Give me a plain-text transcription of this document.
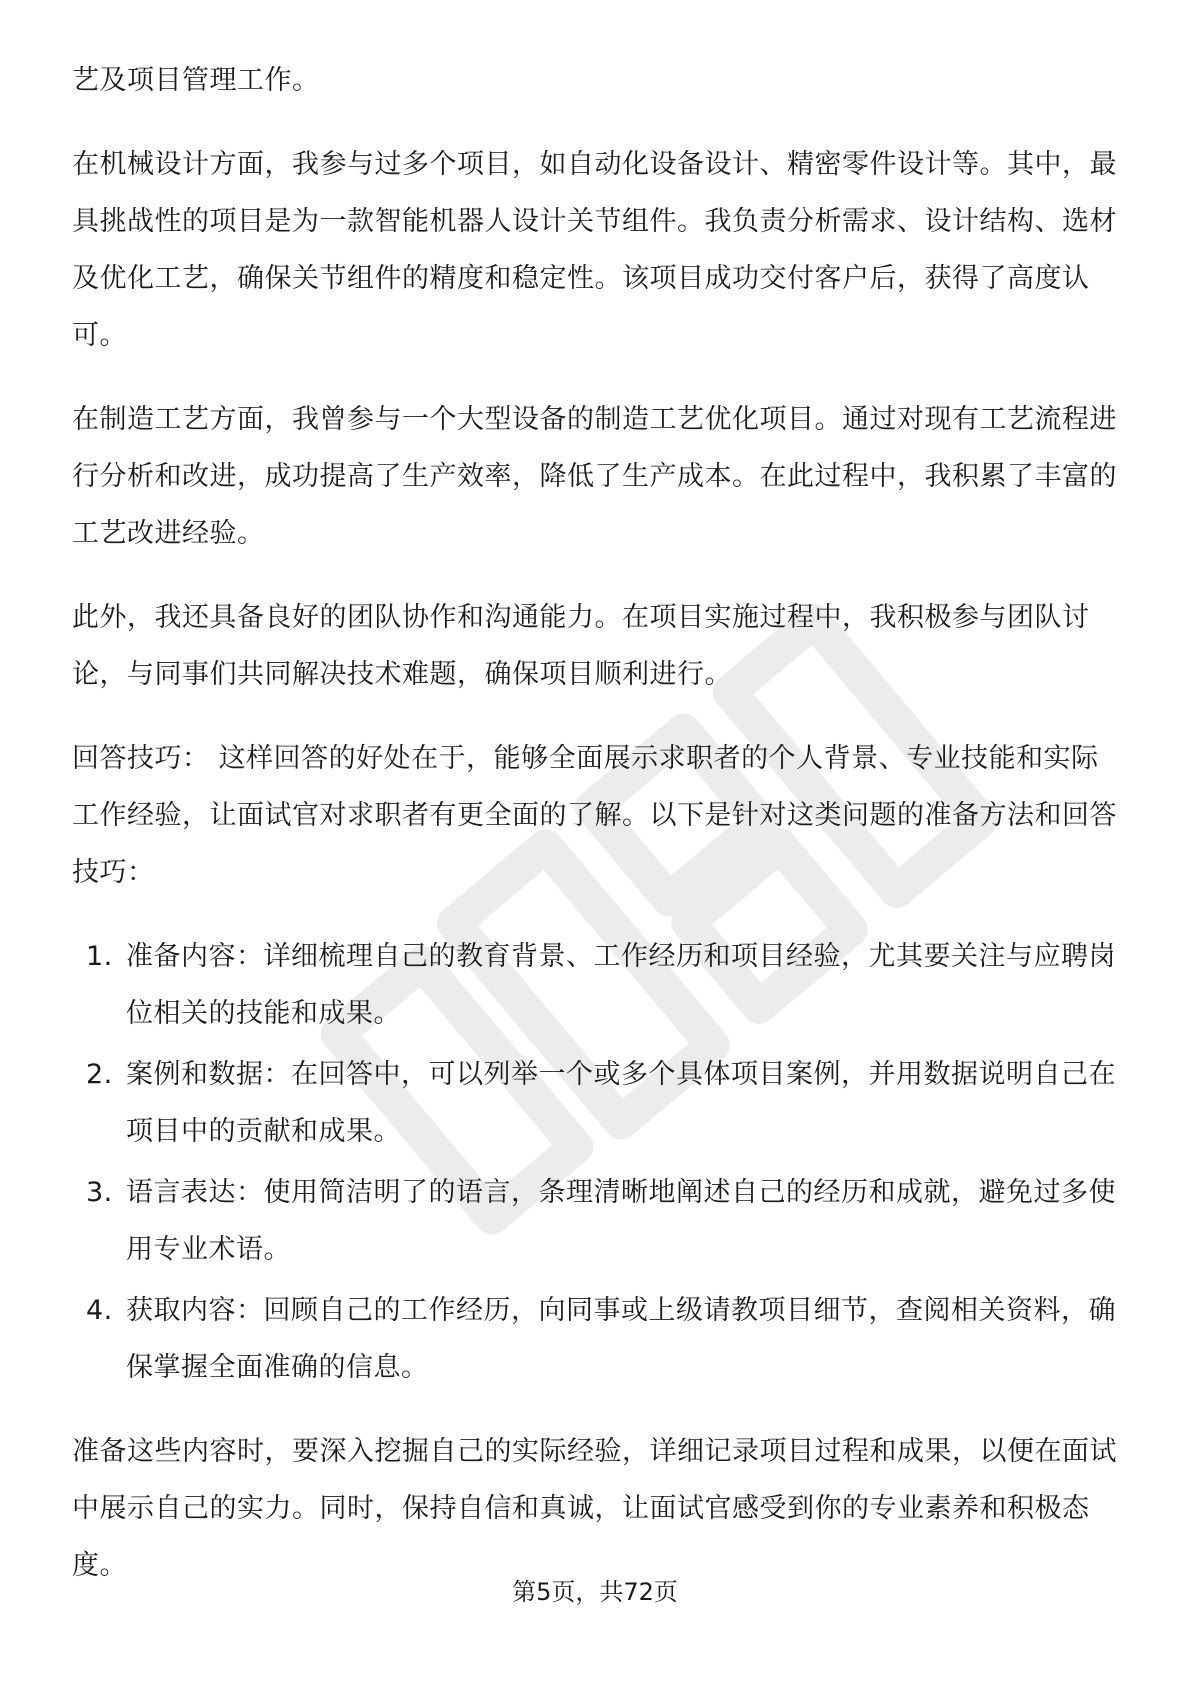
艺及项目管理工作。

在机械设计方面，我参与过多个项目，如自动化设备设计、精密零件设计等。其中，最具挑战性的项目是为一款智能机器人设计关节组件。我负责分析需求、设计结构、选材及优化工艺，确保关节组件的精度和稳定性。该项目成功交付客户后，获得了高度认可。

在制造工艺方面，我曾参与一个大型设备的制造工艺优化项目。通过对现有工艺流程进行分析和改进，成功提高了生产效率，降低了生产成本。在此过程中，我积累了丰富的工艺改进经验。

此外，我还具备良好的团队协作和沟通能力。在项目实施过程中，我积极参与团队讨论，与同事们共同解决技术难题，确保项目顺利进行。

回答技巧： 这样回答的好处在于，能够全面展示求职者的个人背景、专业技能和实际工作经验，让面试官对求职者有更全面的了解。以下是针对这类问题的准备方法和回答技巧：

1. 准备内容：详细梳理自己的教育背景、工作经历和项目经验，尤其要关注与应聘岗位相关的技能和成果。
2. 案例和数据：在回答中，可以列举一个或多个具体项目案例，并用数据说明自己在项目中的贡献和成果。
3. 语言表达：使用简洁明了的语言，条理清晰地阐述自己的经历和成就，避免过多使用专业术语。
4. 获取内容：回顾自己的工作经历，向同事或上级请教项目细节，查阅相关资料，确保掌握全面准确的信息。

准备这些内容时，要深入挖掘自己的实际经验，详细记录项目过程和成果，以便在面试中展示自己的实力。同时，保持自信和真诚，让面试官感受到你的专业素养和积极态度。

第5页，共72页
